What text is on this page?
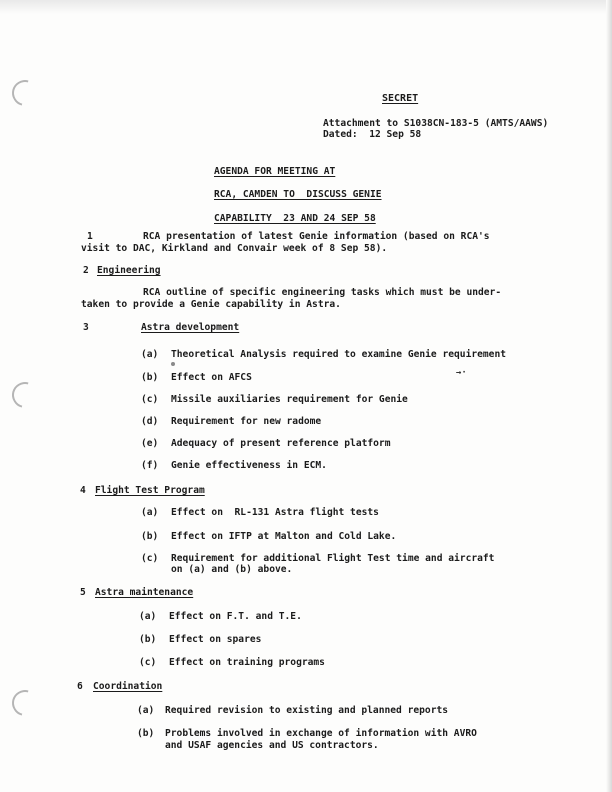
SECRET
Attachment to S1038CN-183-5 (AMTS/AAWS)
Dated:  12 Sep 58
AGENDA FOR MEETING AT
RCA, CAMDEN TO  DISCUSS GENIE
CAPABILITY  23 AND 24 SEP 58
1	RCA presentation of latest Genie information (based on RCA's
visit to DAC, Kirkland and Convair week of 8 Sep 58).
2 Engineering
RCA outline of specific engineering tasks which must be under-
taken to provide a Genie capability in Astra.
3	Astra development
(a) Theoretical Analysis required to examine Genie requirement
→·
(b) Effect on AFCS
(c) Missile auxiliaries requirement for Genie
(d) Requirement for new radome
(e) Adequacy of present reference platform
(f) Genie effectiveness in ECM.
4 Flight Test Program
(a) Effect on  RL-131 Astra flight tests
(b) Effect on IFTP at Malton and Cold Lake.
(c) Requirement for additional Flight Test time and aircraft
on (a) and (b) above.
5 Astra maintenance
(a) Effect on F.T. and T.E.
(b) Effect on spares
(c) Effect on training programs
6 Coordination
(a) Required revision to existing and planned reports
(b) Problems involved in exchange of information with AVRO
and USAF agencies and US contractors.
